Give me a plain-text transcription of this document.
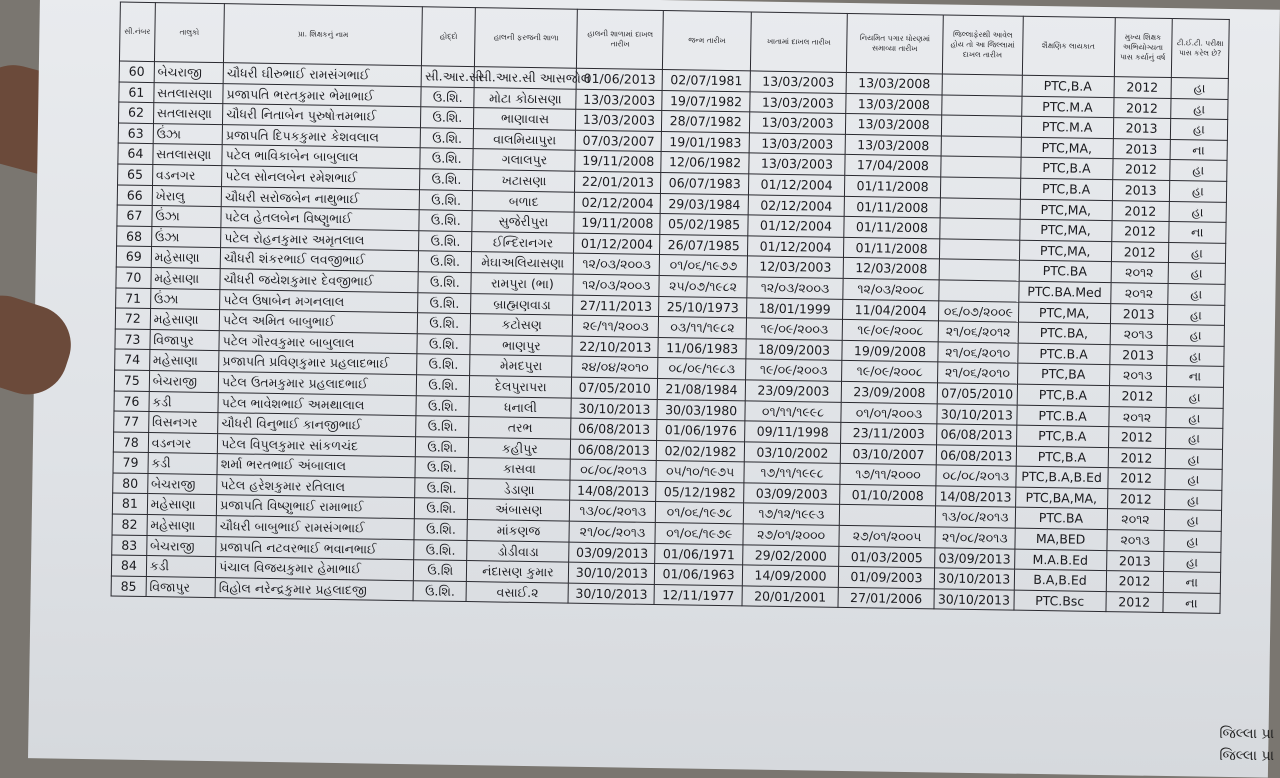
સી.નંબર	તાલુકો	પ્રા. શિક્ષકનું નામ	હોદ્દો	હાલની ફરજની શાળા	હાલની શાળામાં દાખલ તારીખ	જન્મ તારીખ	ખાતામાં દાખલ તારીખ	નિયમિત પગાર ધોરણમાં સમાવ્યા તારીખ	જિલ્લાફેરથી આવેલ હોય તો આ જિલ્લામાં દાખલ તારીખ	શૈક્ષણિક લાયકાત	મુખ્ય શિક્ષક અભિયોગ્યતા પાસ કર્યાનું વર્ષ	ટી.ઈ.ટી. પરીક્ષા પાસ કરેલ છે?
60	બેચરાજી	ચૌધરી ઘીરુભાઈ રામસંગભાઈ	સી.આર.સી	સી.આર.સી આસજોલ	01/06/2013	02/07/1981	13/03/2003	13/03/2008		PTC,B.A	2012	હા
61	સતલાસણા	પ્રજાપતિ ભરતકુમાર ભેમાભાઈ	ઉ.શિ.	મોટા કોઠાસણા	13/03/2003	19/07/1982	13/03/2003	13/03/2008		PTC.M.A	2012	હા
62	સતલાસણા	ચૌધરી નિતાબેન પુરુષોત્તમભાઈ	ઉ.શિ.	ભાણાવાસ	13/03/2003	28/07/1982	13/03/2003	13/03/2008		PTC.M.A	2013	હા
63	ઉંઝા	પ્રજાપતિ દિપકકુમાર કેશવલાલ	ઉ.શિ.	વાલમિયાપુરા	07/03/2007	19/01/1983	13/03/2003	13/03/2008		PTC,MA,	2013	ના
64	સતલાસણા	પટેલ ભાવિકાબેન બાબુલાલ	ઉ.શિ.	ગલાલપુર	19/11/2008	12/06/1982	13/03/2003	17/04/2008		PTC,B.A	2012	હા
65	વડનગર	પટેલ સોનલબેન રમેશભાઈ	ઉ.શિ.	ખટાસણા	22/01/2013	06/07/1983	01/12/2004	01/11/2008		PTC,B.A	2013	હા
66	ખેરાલુ	ચૌધરી સરોજબેન નાથુભાઈ	ઉ.શિ.	બળાદ	02/12/2004	29/03/1984	02/12/2004	01/11/2008		PTC,MA,	2012	હા
67	ઉંઝા	પટેલ હેતલબેન વિષ્ણુભાઈ	ઉ.શિ.	સુજેરીપુરા	19/11/2008	05/02/1985	01/12/2004	01/11/2008		PTC,MA,	2012	ના
68	ઉંઝા	પટેલ રોહનકુમાર અમૃતલાલ	ઉ.શિ.	ઈન્દિરાનગર	01/12/2004	26/07/1985	01/12/2004	01/11/2008		PTC,MA,	2012	હા
69	મહેસાણા	ચૌધરી શંકરભાઈ લવજીભાઈ	ઉ.શિ.	મેઘાઅલિયાસણા	૧૨/૦૩/૨૦૦૩	૦૧/૦૬/૧૯૭૭	12/03/2003	12/03/2008		PTC.BA	૨૦૧૨	હા
70	મહેસાણા	ચૌધરી જયેશકુમાર દેવજીભાઈ	ઉ.શિ.	રામપુરા (ભા)	૧૨/૦૩/૨૦૦૩	૨૫/૦૭/૧૯૮૨	૧૨/૦૩/૨૦૦૩	૧૨/૦૩/૨૦૦૮		PTC.BA.Med	૨૦૧૨	હા
71	ઉંઝા	પટેલ ઉષાબેન મગનલાલ	ઉ.શિ.	બ્રાહ્મણવાડા	27/11/2013	25/10/1973	18/01/1999	11/04/2004	૦૬/૦૭/૨૦૦૯	PTC,MA,	2013	હા
72	મહેસાણા	પટેલ અમિત બાબુભાઈ	ઉ.શિ.	કટોસણ	૨૯/૧૧/૨૦૦૩	૦૩/૧૧/૧૯૮૨	૧૯/૦૯/૨૦૦૩	૧૯/૦૯/૨૦૦૮	૨૧/૦૬/૨૦૧૨	PTC.BA,	૨૦૧૩	હા
73	વિજાપુર	પટેલ ગૌરવકુમાર બાબુલાલ	ઉ.શિ.	ભાણપુર	22/10/2013	11/06/1983	18/09/2003	19/09/2008	૨૧/૦૬/૨૦૧૦	PTC.B.A	2013	હા
74	મહેસાણા	પ્રજાપતિ પ્રવિણકુમાર પ્રહલાદભાઈ	ઉ.શિ.	મેમદપુરા	૨૪/૦૪/૨૦૧૦	૦૮/૦૯/૧૯૮૩	૧૯/૦૯/૨૦૦૩	૧૯/૦૯/૨૦૦૮	૨૧/૦૬/૨૦૧૦	PTC,BA	૨૦૧૩	ના
75	બેચરાજી	પટેલ ઉતમકુમાર પ્રહલાદભાઈ	ઉ.શિ.	દેલપુરાપરા	07/05/2010	21/08/1984	23/09/2003	23/09/2008	07/05/2010	PTC,B.A	2012	હા
76	કડી	પટેલ ભાવેશભાઈ અમથાલાલ	ઉ.શિ.	ધનાલી	30/10/2013	30/03/1980	૦૧/૧૧/૧૯૯૮	૦૧/૦૧/૨૦૦૩	30/10/2013	PTC.B.A	૨૦૧૨	હા
77	વિસનગર	ચૌધરી વિનુભાઈ કાનજીભાઈ	ઉ.શિ.	તરભ	06/08/2013	01/06/1976	09/11/1998	23/11/2003	06/08/2013	PTC,B.A	2012	હા
78	વડનગર	પટેલ વિપુલકુમાર સાંકળચંદ	ઉ.શિ.	કહીપુર	06/08/2013	02/02/1982	03/10/2002	03/10/2007	06/08/2013	PTC,B.A	2012	હા
79	કડી	શર્મા ભરતભાઈ અંબાલાલ	ઉ.શિ.	કાસવા	૦૮/૦૮/૨૦૧૩	૦૫/૧૦/૧૯૭૫	૧૭/૧૧/૧૯૯૮	૧૭/૧૧/૨૦૦૦	૦૮/૦૮/૨૦૧૩	PTC,B.A,B.Ed	2012	હા
80	બેચરાજી	પટેલ હરેશકુમાર રતિલાલ	ઉ.શિ.	ડેડાણા	14/08/2013	05/12/1982	03/09/2003	01/10/2008	14/08/2013	PTC,BA,MA,	2012	હા
81	મહેસાણા	પ્રજાપતિ વિષ્ણુભાઈ રામાભાઈ	ઉ.શિ.	અંબાસણ	૧૩/૦૮/૨૦૧૩	૦૧/૦૬/૧૯૭૮	૧૭/૧૨/૧૯૯૩		૧૩/૦૮/૨૦૧૩	PTC.BA	૨૦૧૨	હા
82	મહેસાણા	ચૌધરી બાબુભાઈ રામસંગભાઈ	ઉ.શિ.	માંકણજ	૨૧/૦૮/૨૦૧૩	૦૧/૦૬/૧૯૭૯	૨૭/૦૧/૨૦૦૦	૨૭/૦૧/૨૦૦૫	૨૧/૦૮/૨૦૧૩	MA,BED	૨૦૧૩	હા
83	બેચરાજી	પ્રજાપતિ નટવરભાઈ ભવાનભાઈ	ઉ.શિ.	ડોડીવાડા	03/09/2013	01/06/1971	29/02/2000	01/03/2005	03/09/2013	M.A.B.Ed	2013	હા
84	કડી	પંચાલ વિજયકુમાર હેમાભાઈ	ઉ.શિ	નંદાસણ કુમાર	30/10/2013	01/06/1963	14/09/2000	01/09/2003	30/10/2013	B.A,B.Ed	2012	ના
85	વિજાપુર	વિહોલ નરેન્દ્રકુમાર પ્રહલાદજી	ઉ.શિ.	વસાઈ.૨	30/10/2013	12/11/1977	20/01/2001	27/01/2006	30/10/2013	PTC.Bsc	2012	ના
જિલ્લા પ્રા
જિલ્લા પ્રા
